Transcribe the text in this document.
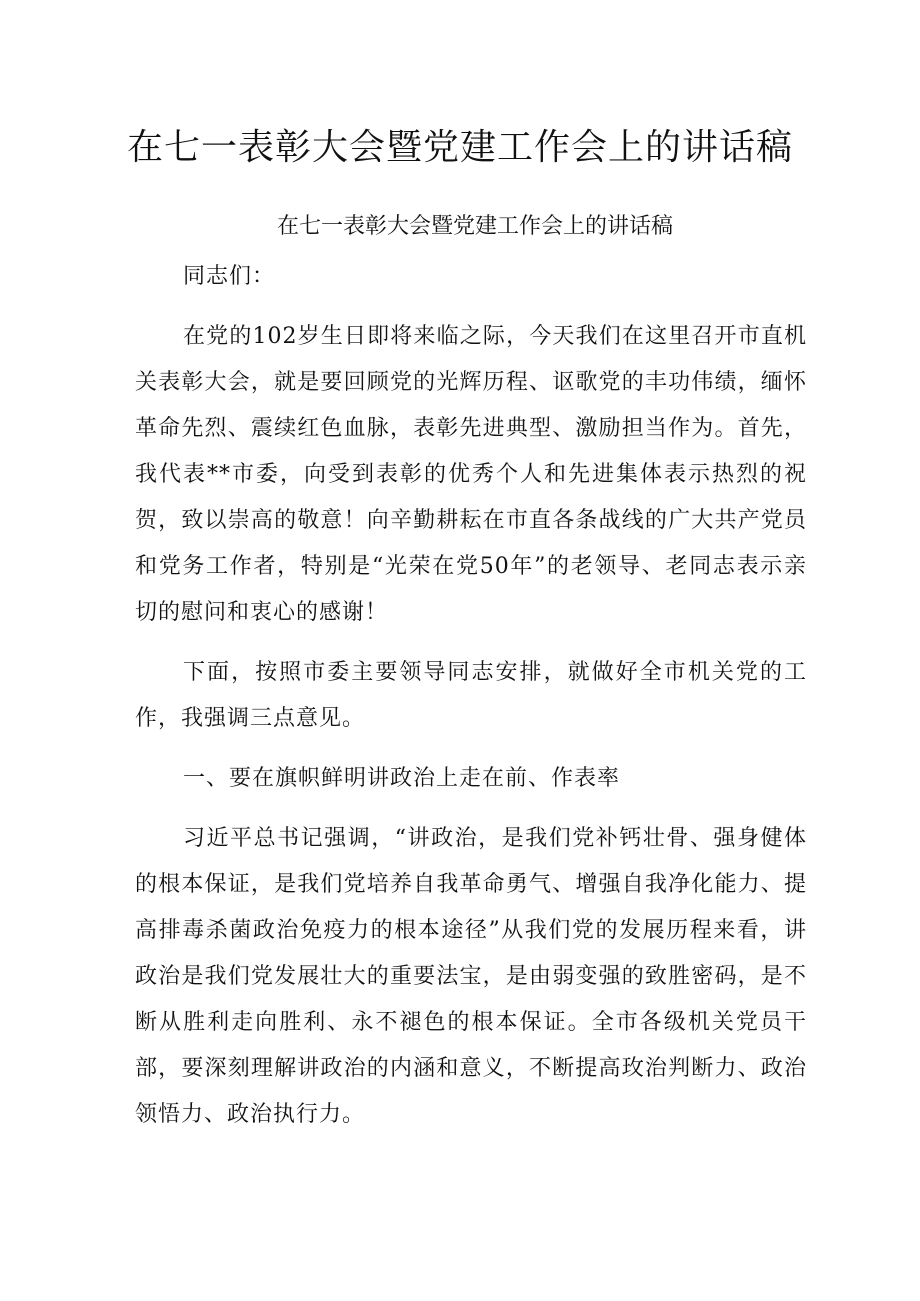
在七一表彰大会暨党建工作会上的讲话稿

在七一表彰大会暨党建工作会上的讲话稿

同志们：

在党的102岁生日即将来临之际，今天我们在这里召开市直机关表彰大会，就是要回顾党的光辉历程、讴歌党的丰功伟绩，缅怀革命先烈、震续红色血脉，表彰先进典型、激励担当作为。首先，我代表**市委，向受到表彰的优秀个人和先进集体表示热烈的祝贺，致以崇高的敬意！向辛勤耕耘在市直各条战线的广大共产党员和党务工作者，特别是“光荣在党50年”的老领导、老同志表示亲切的慰问和衷心的感谢！

下面，按照市委主要领导同志安排，就做好全市机关党的工作，我强调三点意见。

一、要在旗帜鲜明讲政治上走在前、作表率

习近平总书记强调，“讲政治，是我们党补钙壮骨、强身健体的根本保证，是我们党培养自我革命勇气、增强自我净化能力、提高排毒杀菌政治免疫力的根本途径”从我们党的发展历程来看，讲政治是我们党发展壮大的重要法宝，是由弱变强的致胜密码，是不断从胜利走向胜利、永不褪色的根本保证。全市各级机关党员干部，要深刻理解讲政治的内涵和意义，不断提高玫治判断力、政治领悟力、政治执行力。
